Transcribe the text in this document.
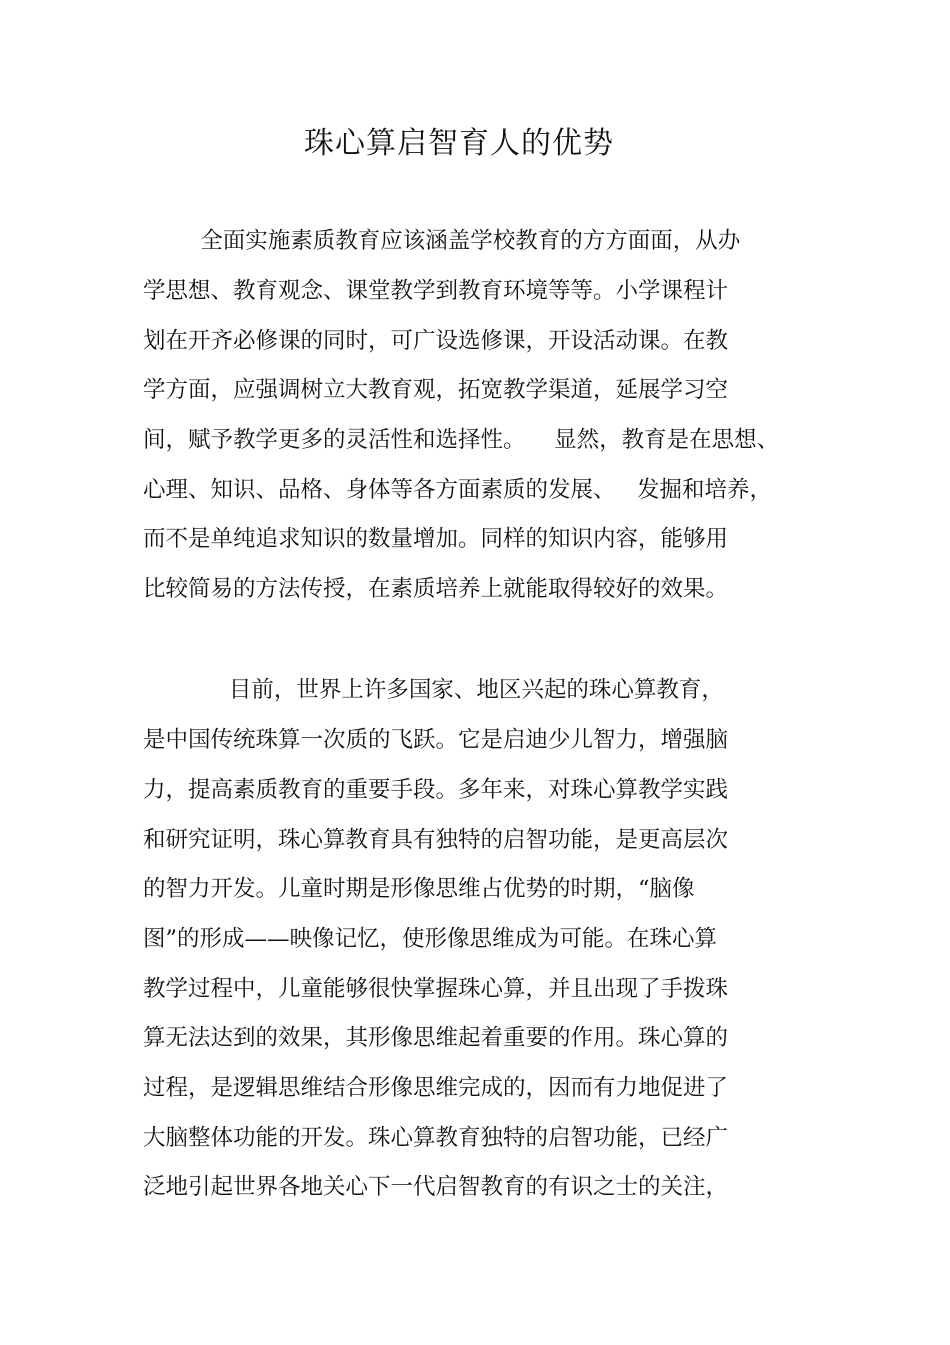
珠心算启智育人的优势
全面实施素质教育应该涵盖学校教育的方方面面，从办
学思想、教育观念、课堂教学到教育环境等等。小学课程计
划在开齐必修课的同时，可广设选修课，开设活动课。在教
学方面，应强调树立大教育观，拓宽教学渠道，延展学习空
间，赋予教学更多的灵活性和选择性。    显然，教育是在思想、
心理、知识、品格、身体等各方面素质的发展、   发掘和培养，
而不是单纯追求知识的数量增加。同样的知识内容，能够用
比较简易的方法传授，在素质培养上就能取得较好的效果。
目前，世界上许多国家、地区兴起的珠心算教育，
是中国传统珠算一次质的飞跃。它是启迪少儿智力，增强脑
力，提高素质教育的重要手段。多年来，对珠心算教学实践
和研究证明，珠心算教育具有独特的启智功能，是更高层次
的智力开发。儿童时期是形像思维占优势的时期，“脑像
图”的形成——映像记忆，使形像思维成为可能。在珠心算
教学过程中，儿童能够很快掌握珠心算，并且出现了手拨珠
算无法达到的效果，其形像思维起着重要的作用。珠心算的
过程，是逻辑思维结合形像思维完成的，因而有力地促进了
大脑整体功能的开发。珠心算教育独特的启智功能，已经广
泛地引起世界各地关心下一代启智教育的有识之士的关注，
